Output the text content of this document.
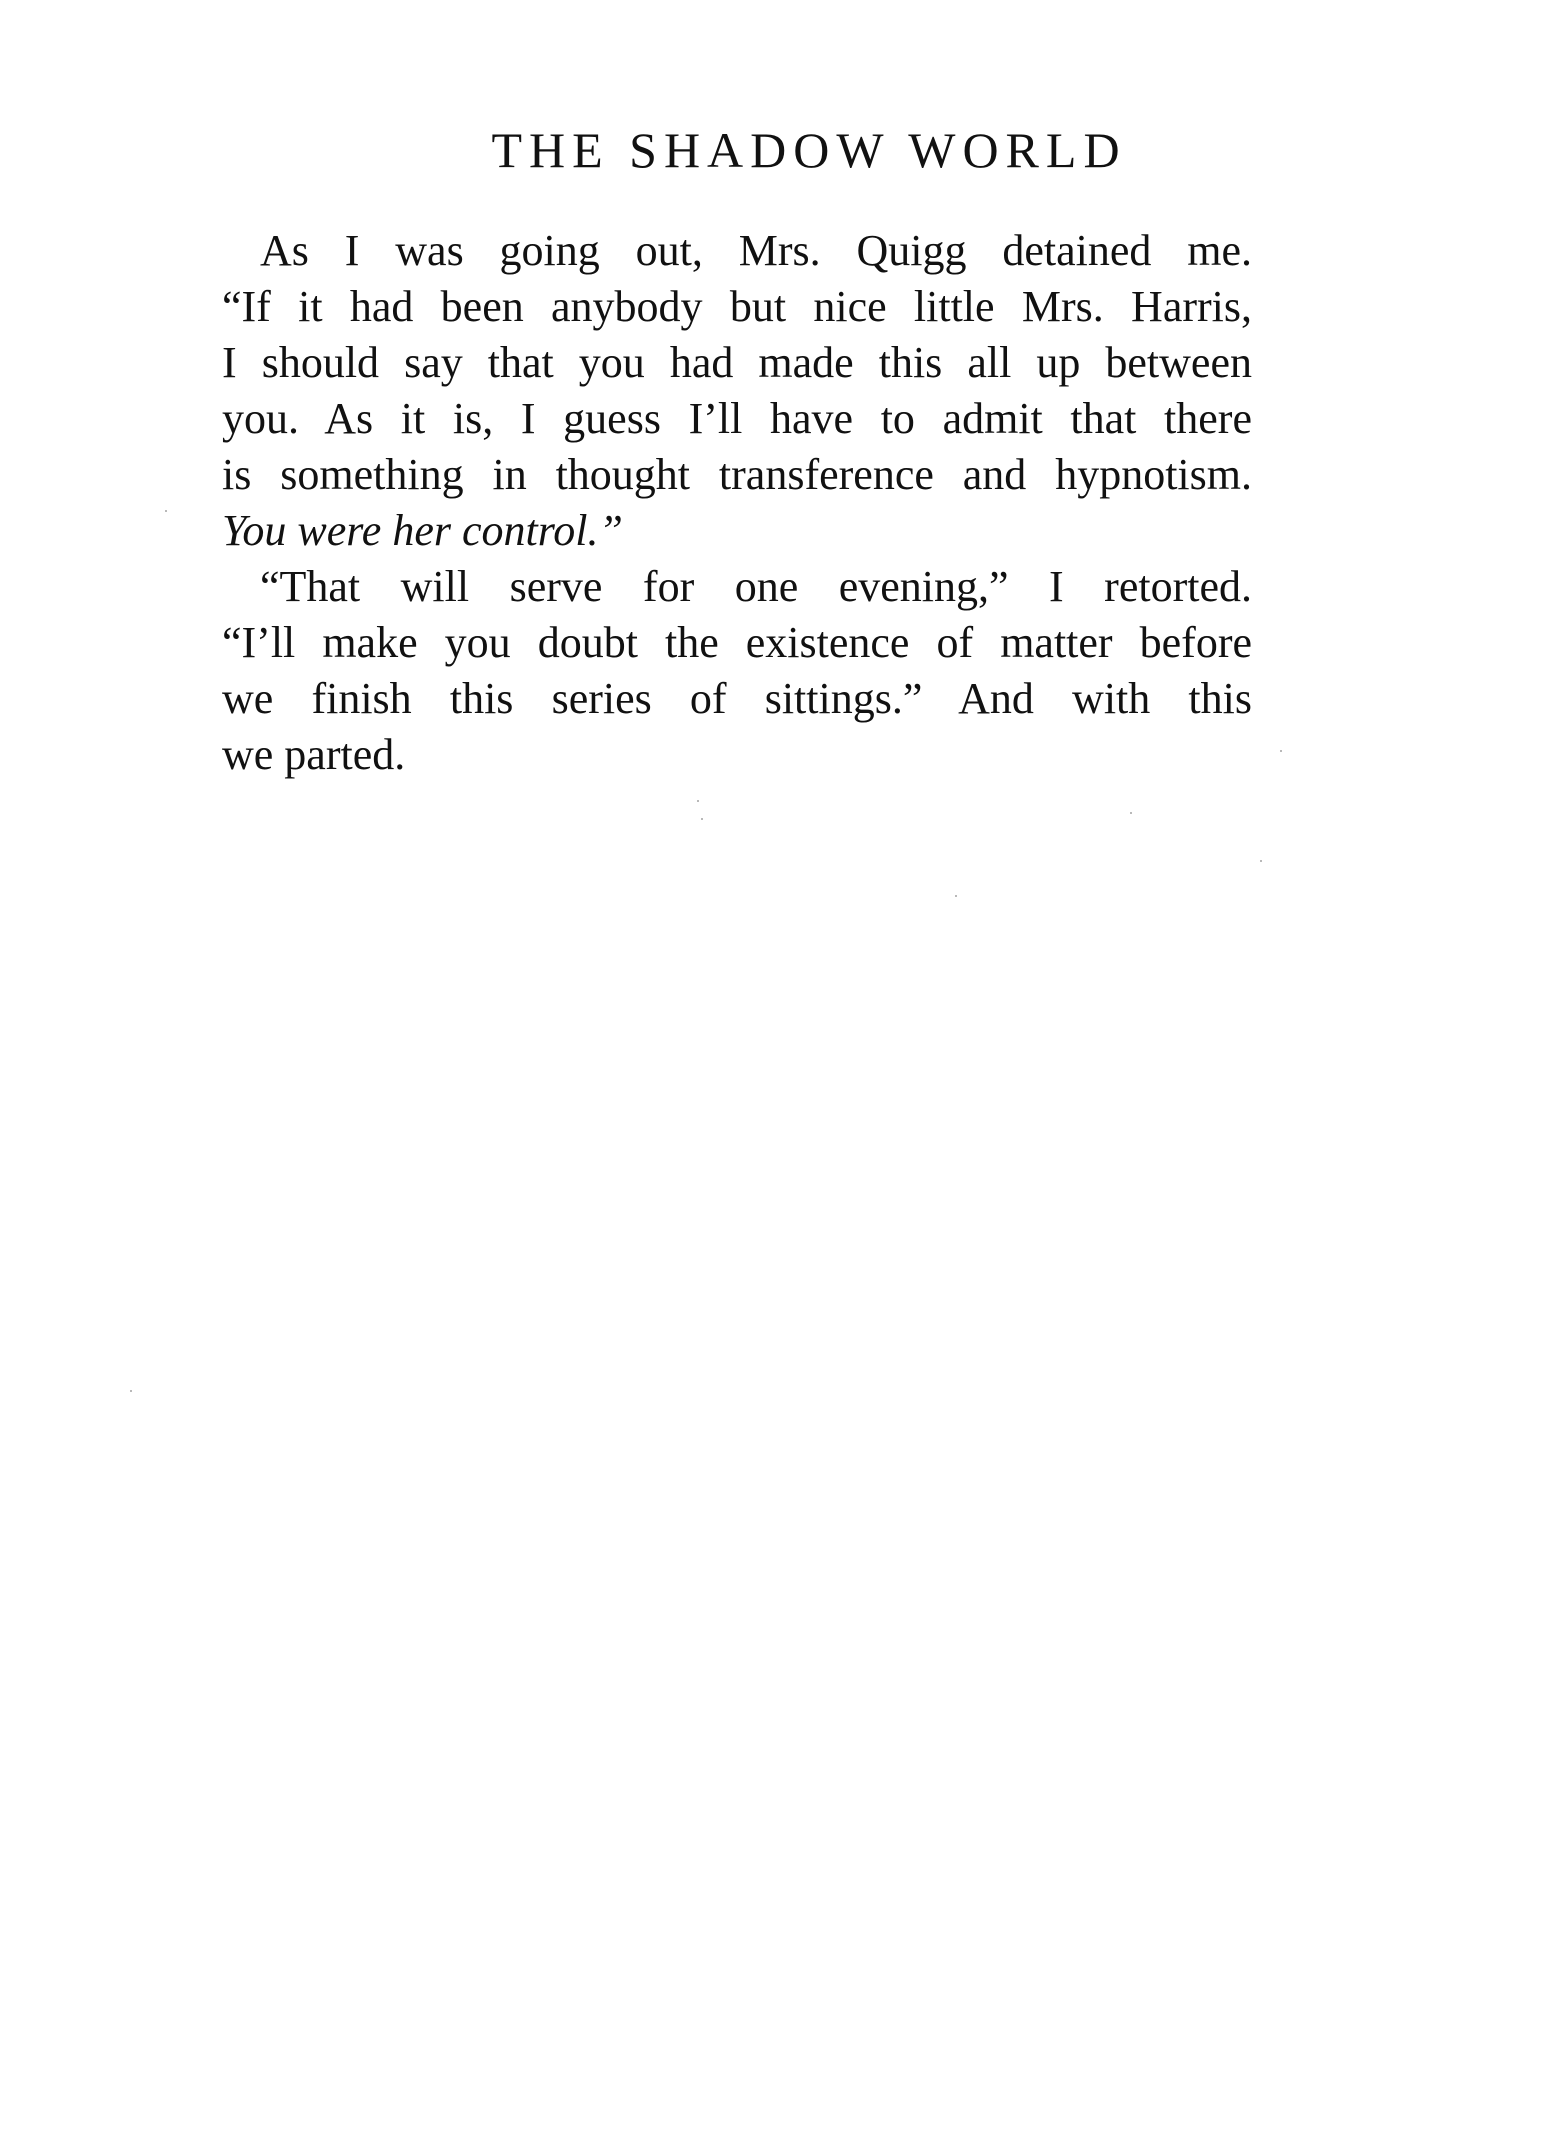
THE SHADOW WORLD
As I was going out, Mrs. Quigg detained me.
“If it had been anybody but nice little Mrs. Harris,
I should say that you had made this all up between
you. As it is, I guess I’ll have to admit that there
is something in thought transference and hypnotism.
You were her control.”
“That will serve for one evening,” I retorted.
“I’ll make you doubt the existence of matter before
we finish this series of sittings.” And with this
we parted.
